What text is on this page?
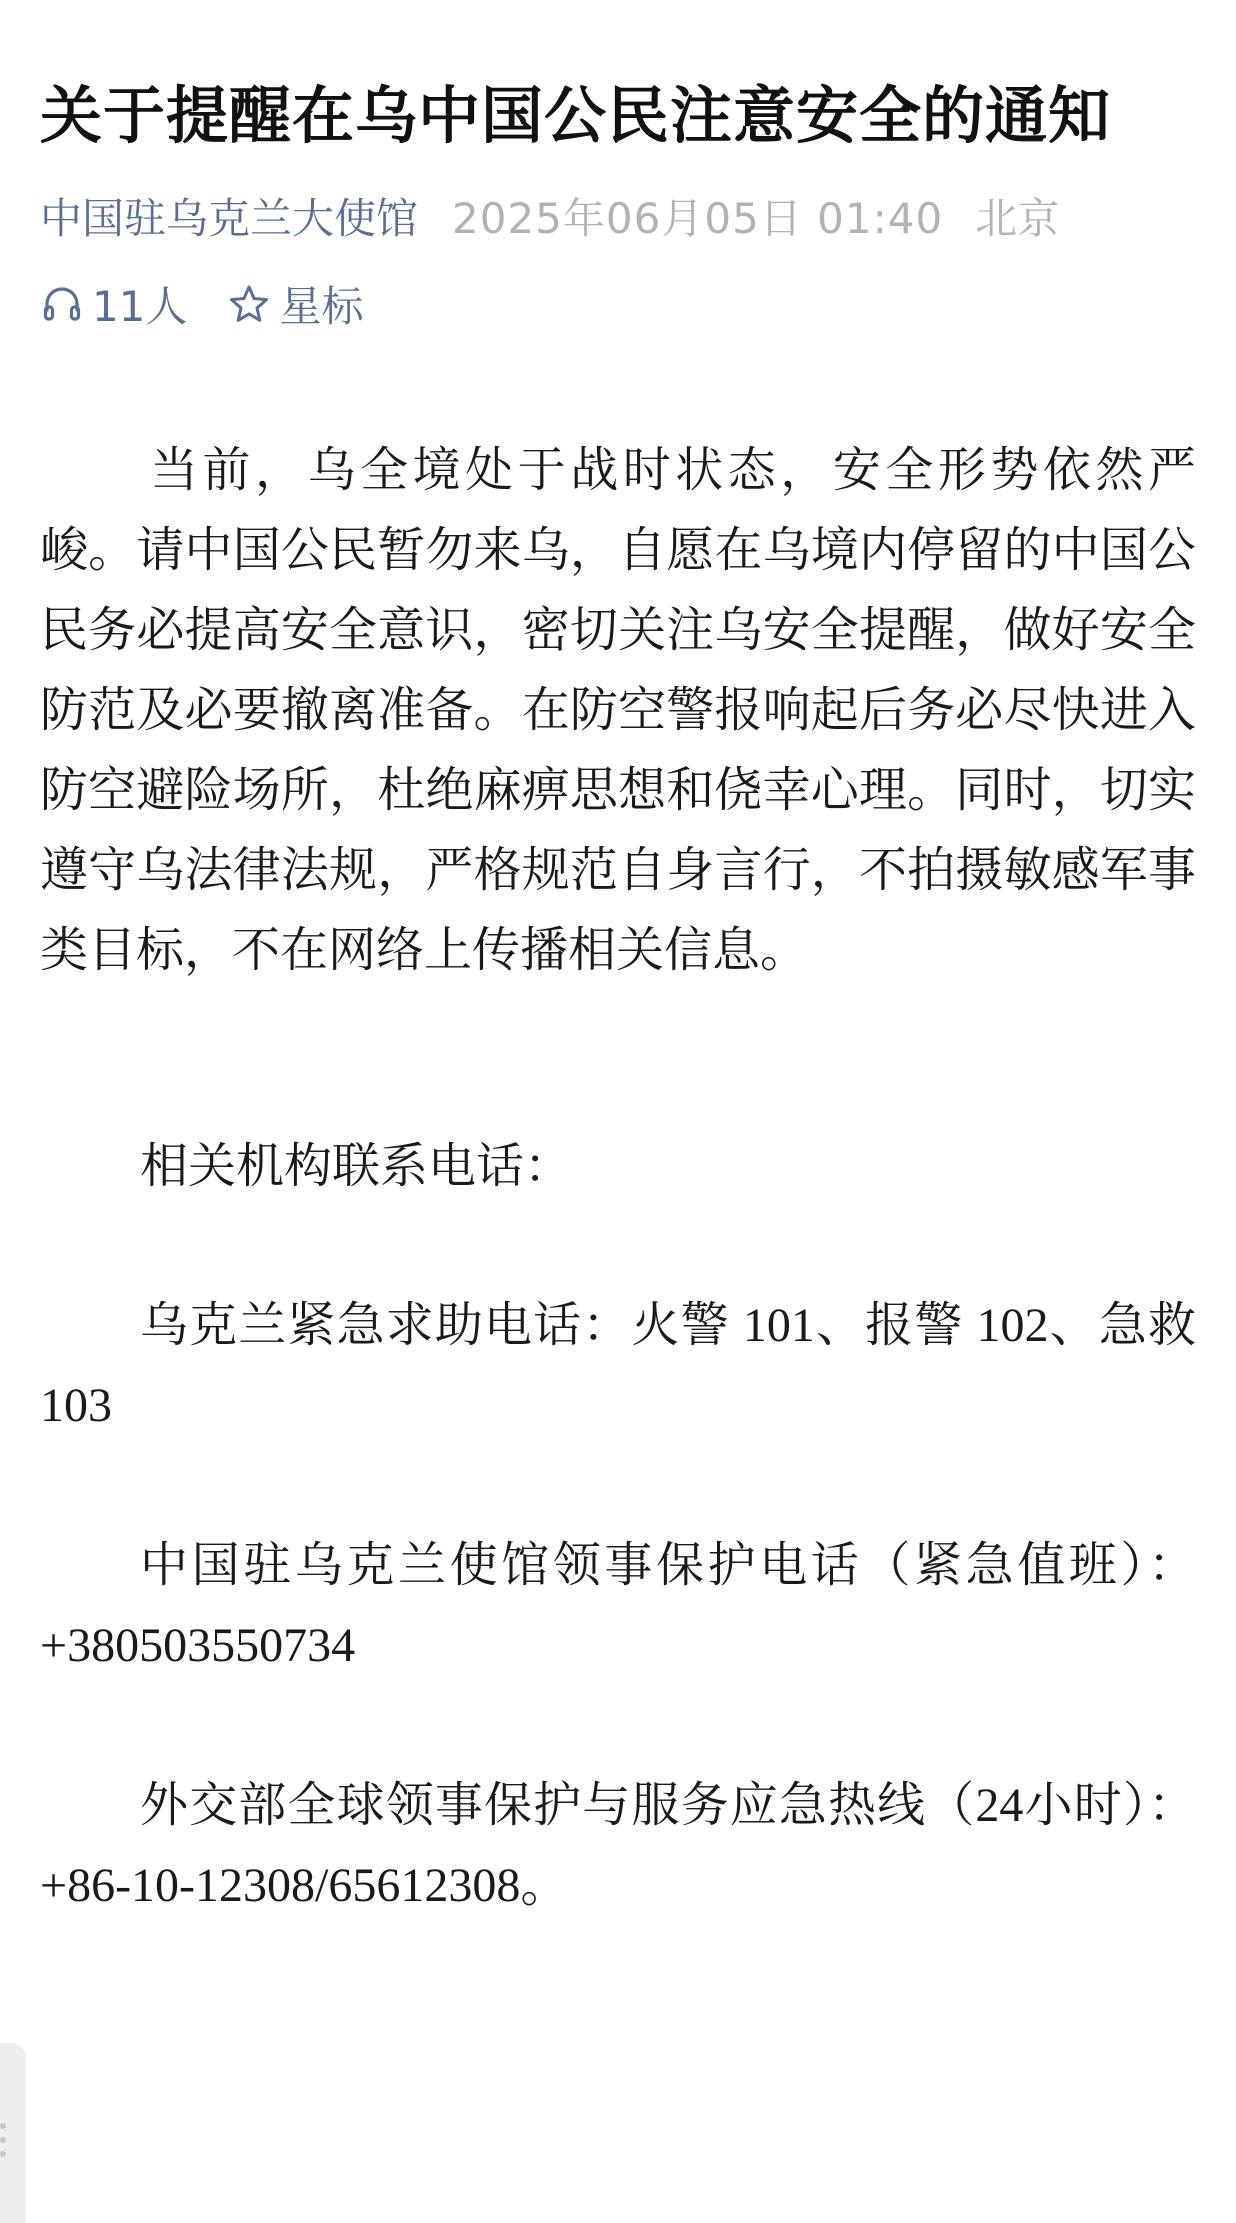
关于提醒在乌中国公民注意安全的通知
中国驻乌克兰大使馆 2025年06月05日 01:40 北京
11人 星标

当前，乌全境处于战时状态，安全形势依然严峻。请中国公民暂勿来乌，自愿在乌境内停留的中国公民务必提高安全意识，密切关注乌安全提醒，做好安全防范及必要撤离准备。在防空警报响起后务必尽快进入防空避险场所，杜绝麻痹思想和侥幸心理。同时，切实遵守乌法律法规，严格规范自身言行，不拍摄敏感军事类目标，不在网络上传播相关信息。

相关机构联系电话：

乌克兰紧急求助电话：火警 101、报警 102、急救 103

中国驻乌克兰使馆领事保护电话（紧急值班）：+380503550734

外交部全球领事保护与服务应急热线（24小时）：+86-10-12308/65612308。
